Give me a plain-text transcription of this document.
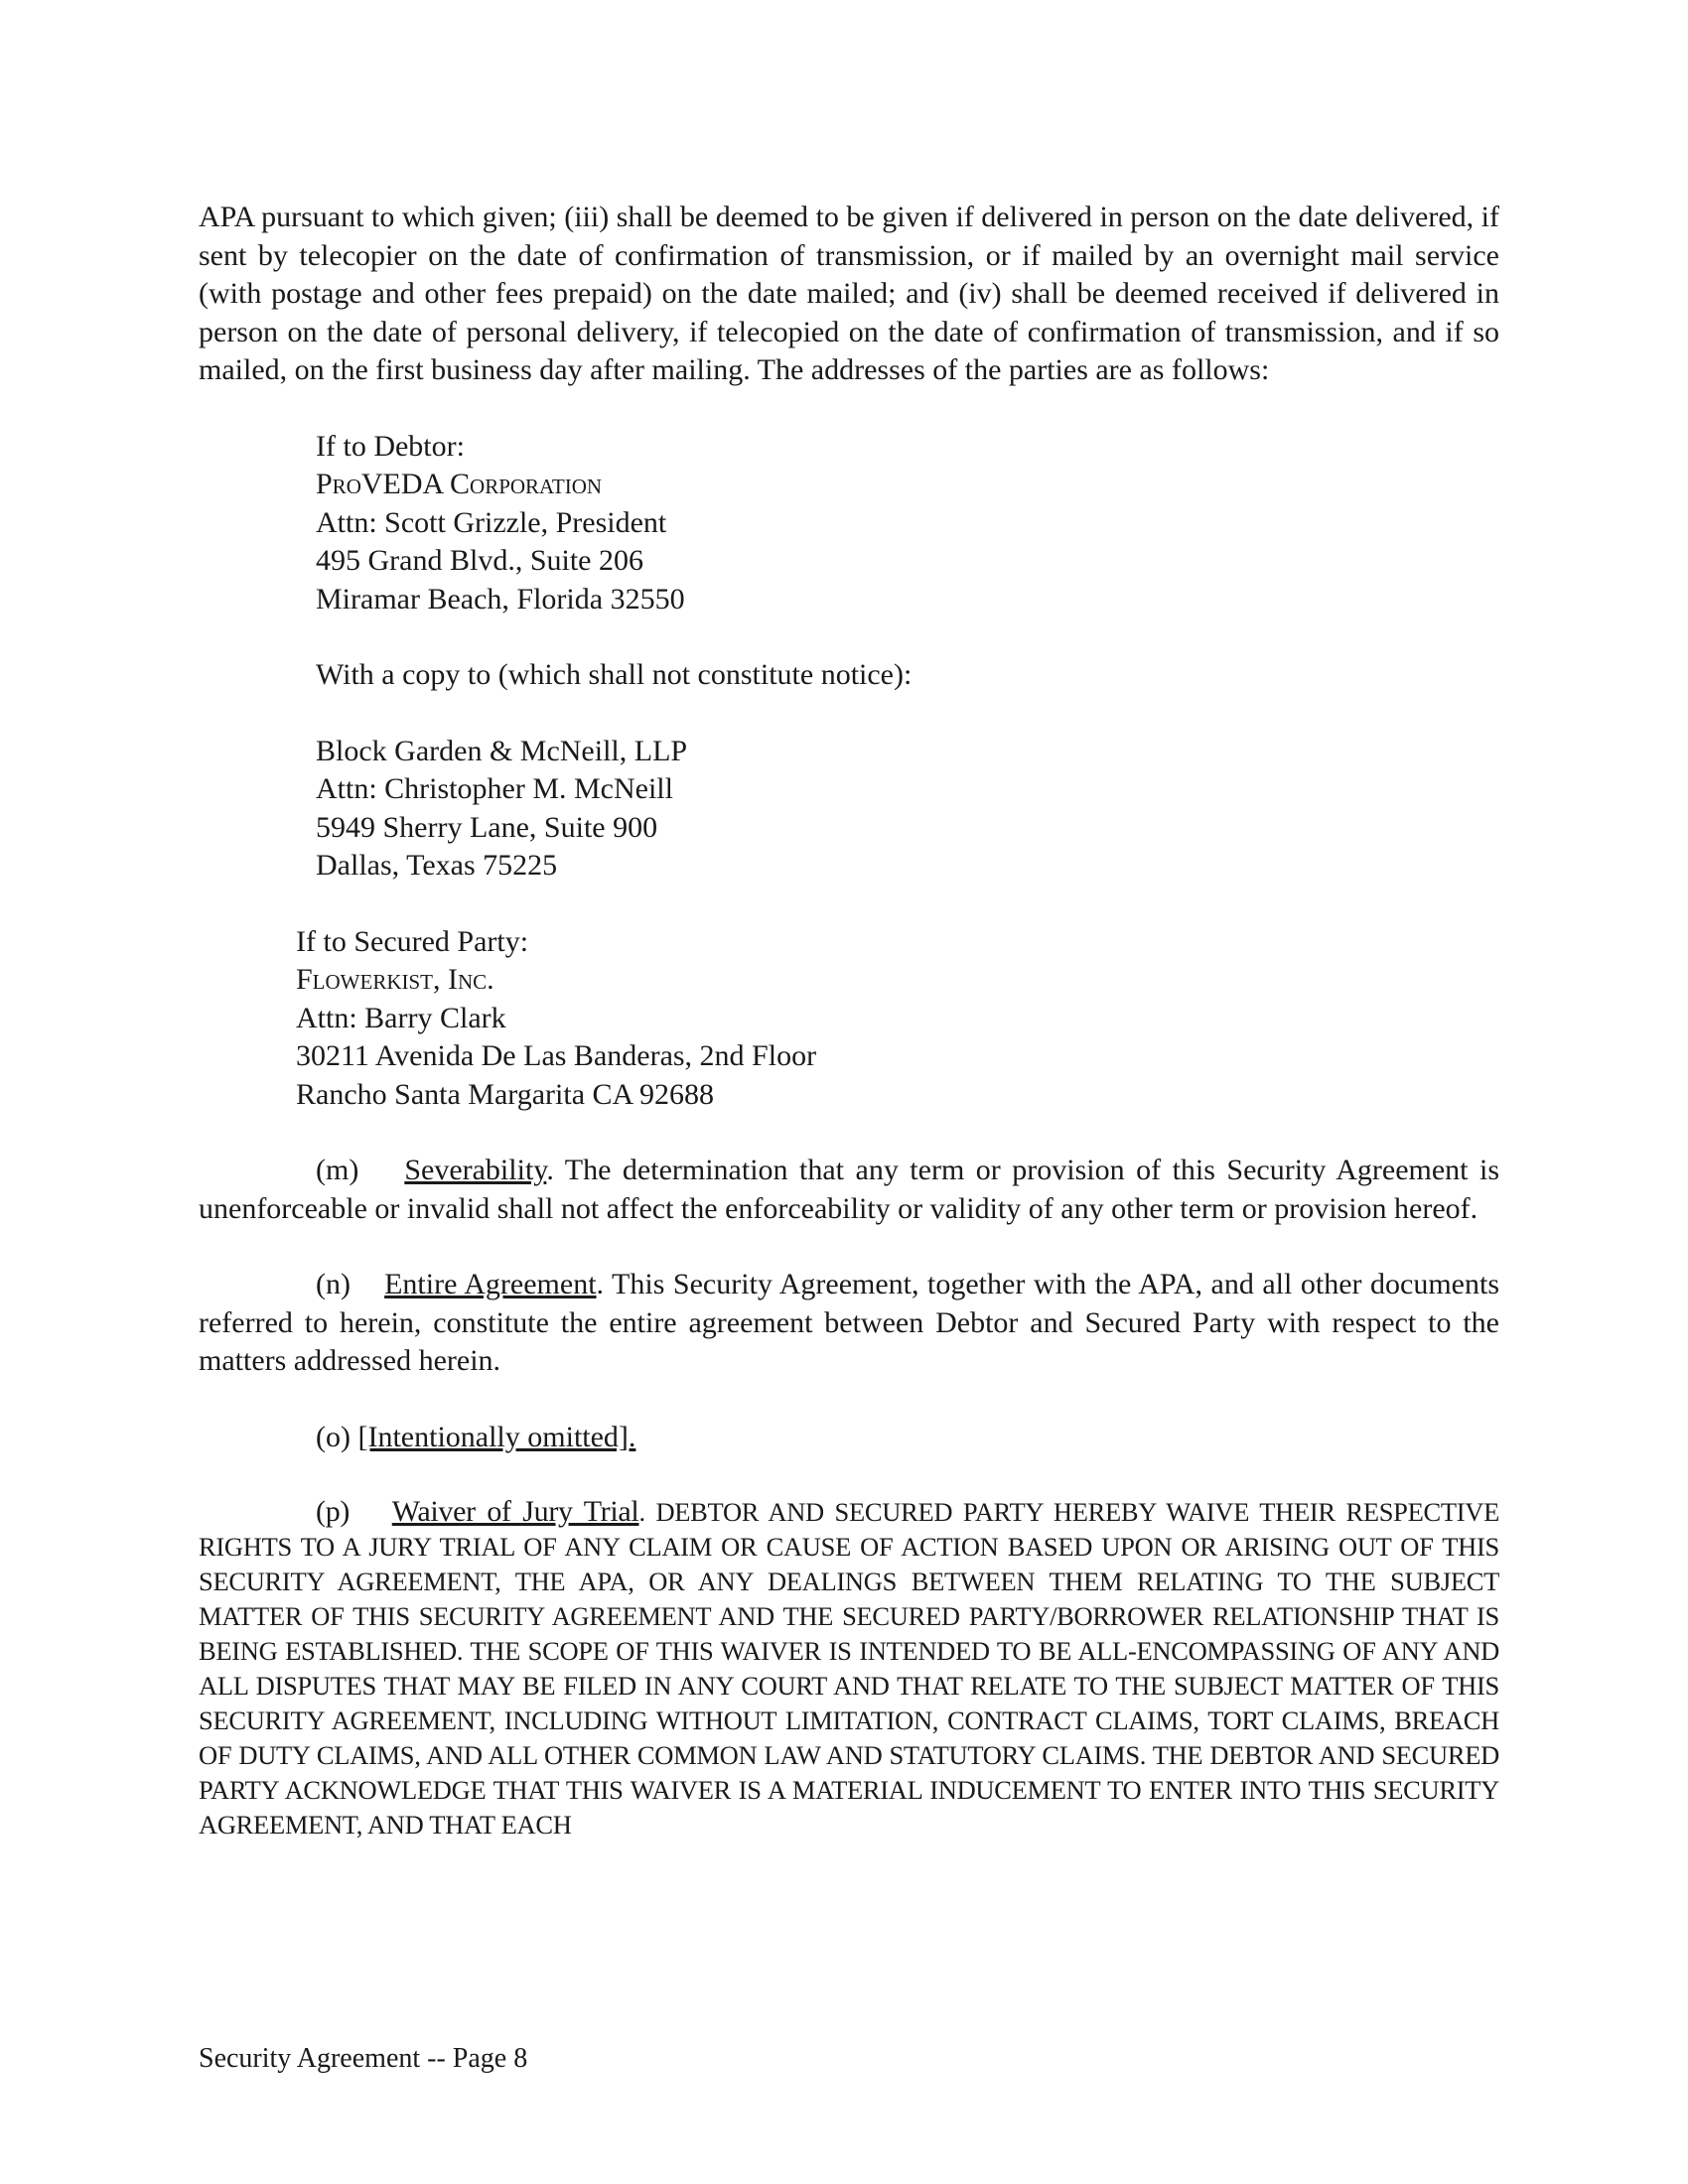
APA pursuant to which given; (iii) shall be deemed to be given if delivered in person on the date delivered, if sent by telecopier on the date of confirmation of transmission, or if mailed by an overnight mail service (with postage and other fees prepaid) on the date mailed; and (iv) shall be deemed received if delivered in person on the date of personal delivery, if telecopied on the date of confirmation of transmission, and if so mailed, on the first business day after mailing. The addresses of the parties are as follows:

If to Debtor:
ProVEDA Corporation
Attn: Scott Grizzle, President
495 Grand Blvd., Suite 206
Miramar Beach, Florida 32550
With a copy to (which shall not constitute notice):
Block Garden & McNeill, LLP
Attn: Christopher M. McNeill
5949 Sherry Lane, Suite 900
Dallas, Texas 75225
If to Secured Party:
Flowerkist, Inc.
Attn: Barry Clark
30211 Avenida De Las Banderas, 2nd Floor
Rancho Santa Margarita CA 92688

(m) Severability. The determination that any term or provision of this Security Agreement is unenforceable or invalid shall not affect the enforceability or validity of any other term or provision hereof.

(n) Entire Agreement. This Security Agreement, together with the APA, and all other documents referred to herein, constitute the entire agreement between Debtor and Secured Party with respect to the matters addressed herein.

(o) [Intentionally omitted].

(p) Waiver of Jury Trial. DEBTOR AND SECURED PARTY HEREBY WAIVE THEIR RESPECTIVE RIGHTS TO A JURY TRIAL OF ANY CLAIM OR CAUSE OF ACTION BASED UPON OR ARISING OUT OF THIS SECURITY AGREEMENT, THE APA, OR ANY DEALINGS BETWEEN THEM RELATING TO THE SUBJECT MATTER OF THIS SECURITY AGREEMENT AND THE SECURED PARTY/BORROWER RELATIONSHIP THAT IS BEING ESTABLISHED. THE SCOPE OF THIS WAIVER IS INTENDED TO BE ALL-ENCOMPASSING OF ANY AND ALL DISPUTES THAT MAY BE FILED IN ANY COURT AND THAT RELATE TO THE SUBJECT MATTER OF THIS SECURITY AGREEMENT, INCLUDING WITHOUT LIMITATION, CONTRACT CLAIMS, TORT CLAIMS, BREACH OF DUTY CLAIMS, AND ALL OTHER COMMON LAW AND STATUTORY CLAIMS. THE DEBTOR AND SECURED PARTY ACKNOWLEDGE THAT THIS WAIVER IS A MATERIAL INDUCEMENT TO ENTER INTO THIS SECURITY AGREEMENT, AND THAT EACH

Security Agreement -- Page 8
